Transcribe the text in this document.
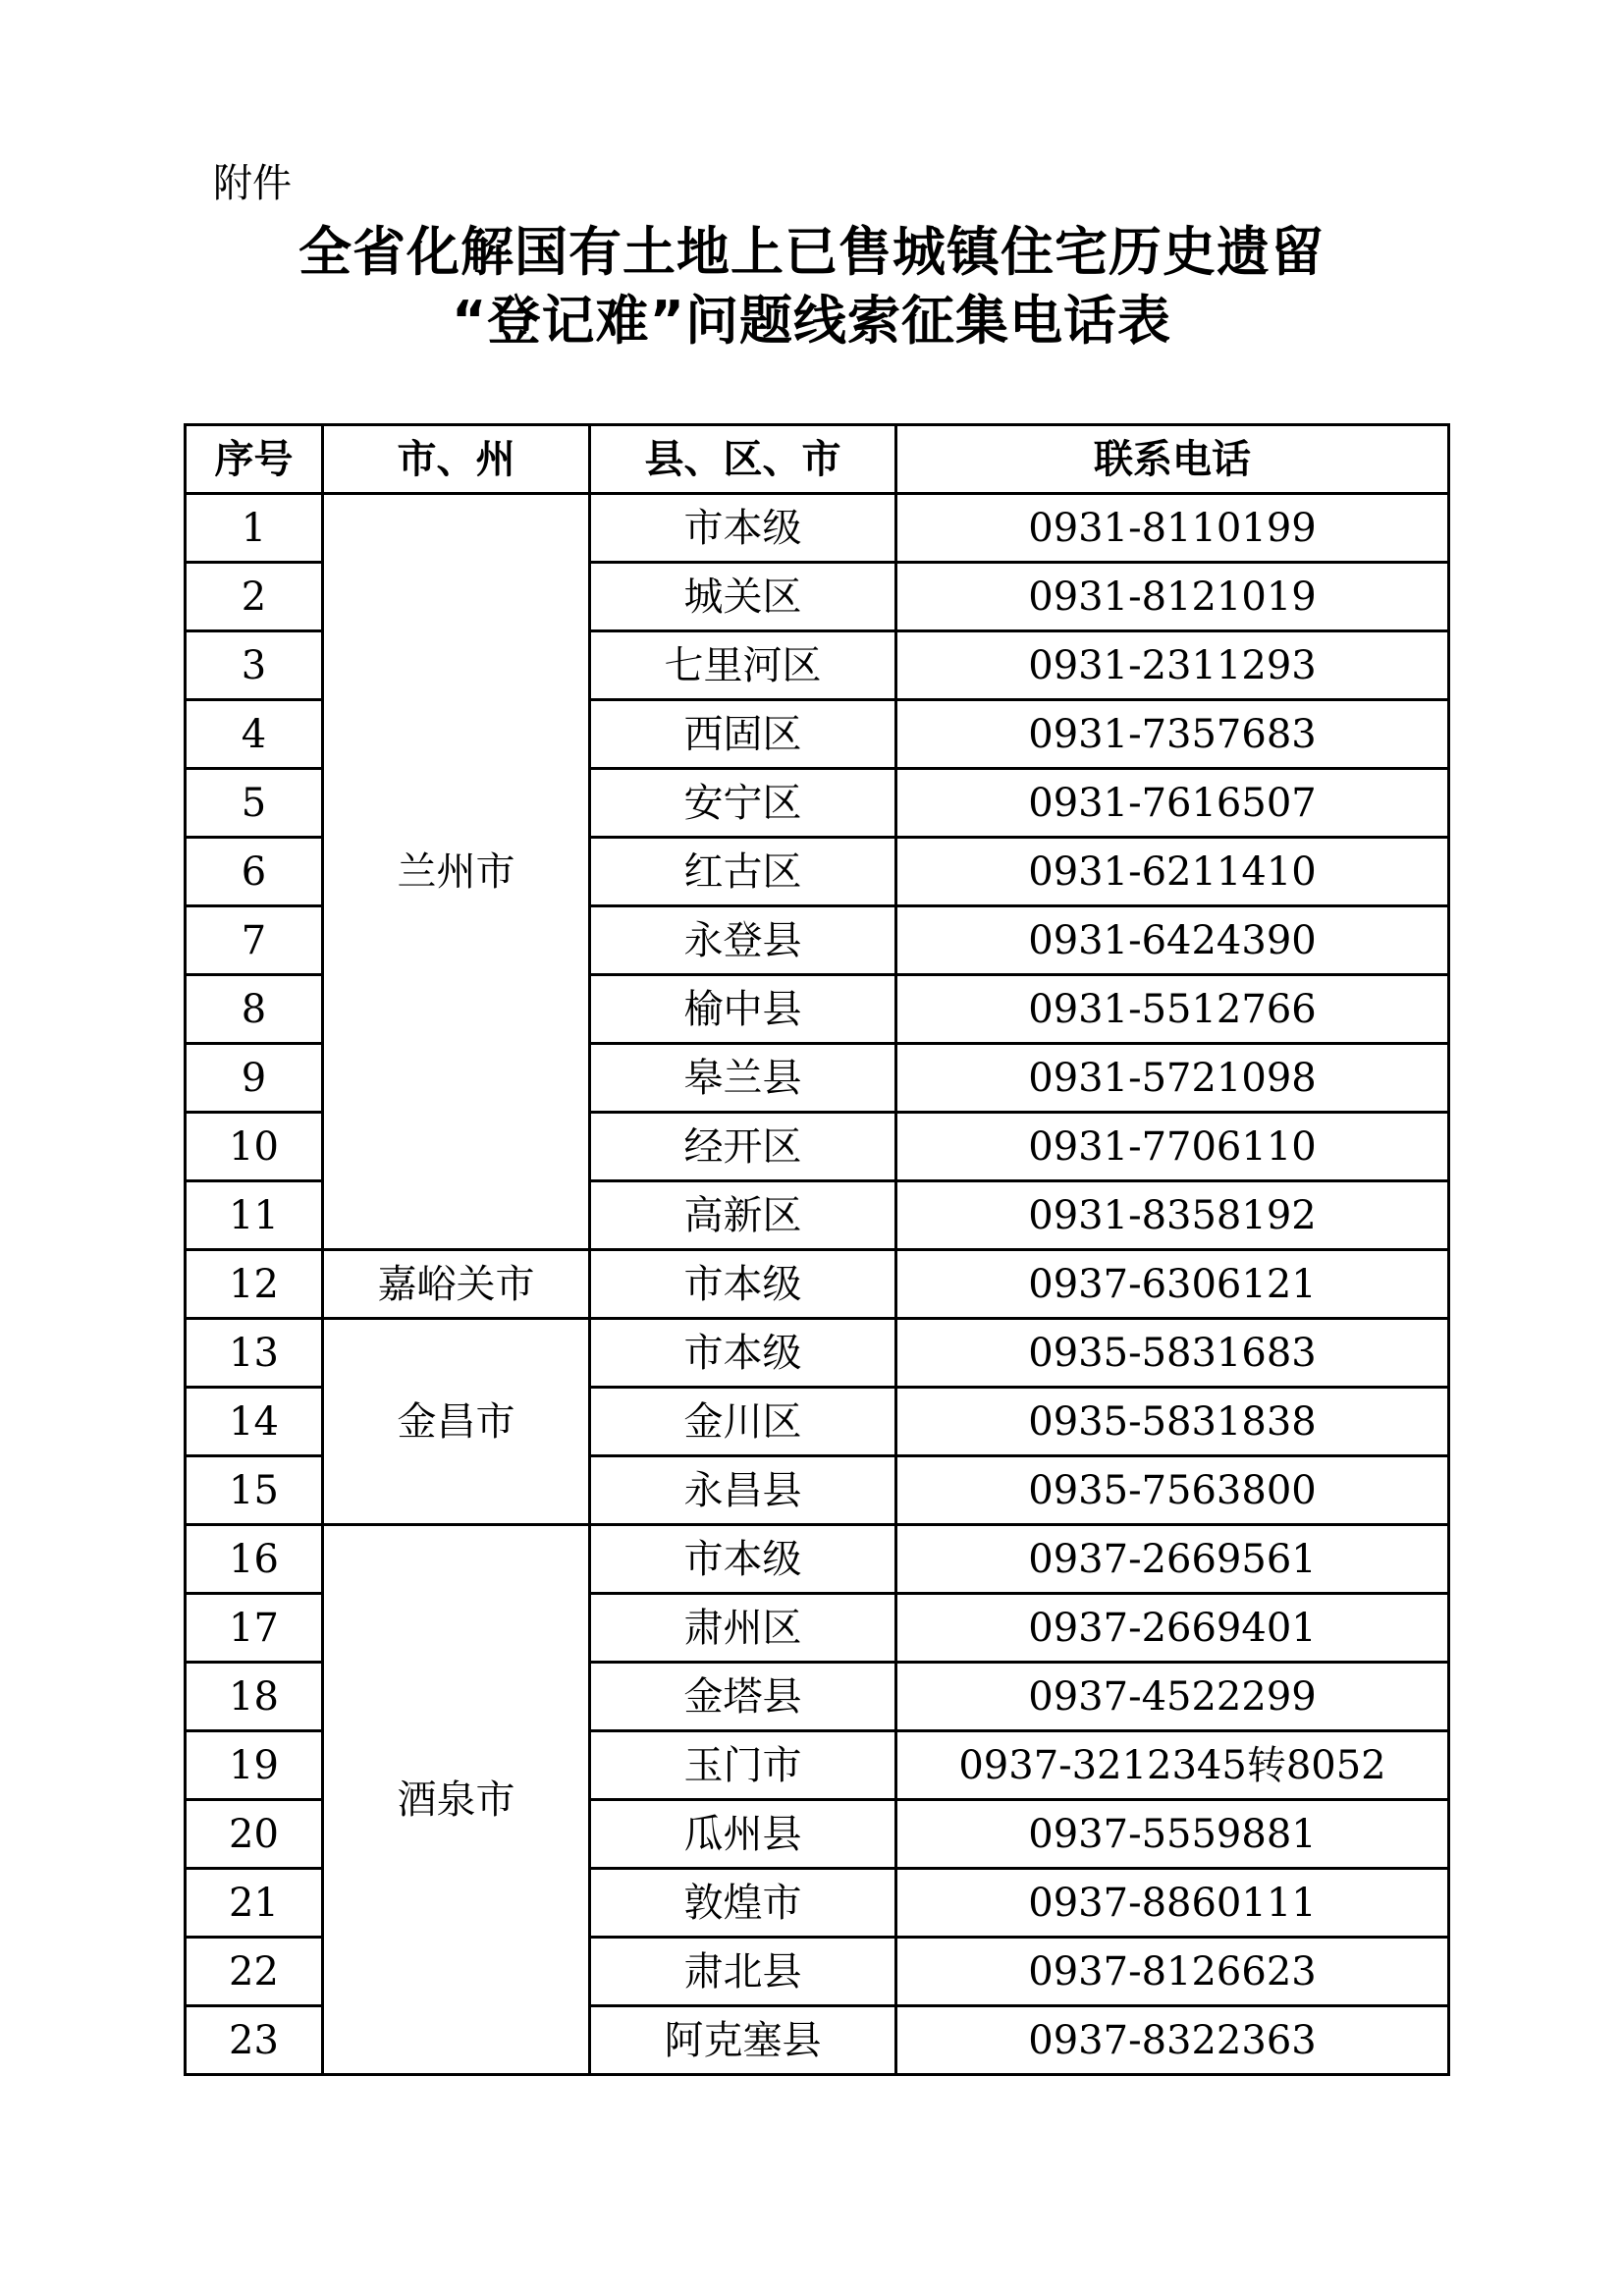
附件
全省化解国有土地上已售城镇住宅历史遗留
“登记难”问题线索征集电话表
序号	市、州	县、区、市	联系电话
1	兰州市	市本级	0931-8110199
2		城关区	0931-8121019
3		七里河区	0931-2311293
4		西固区	0931-7357683
5		安宁区	0931-7616507
6		红古区	0931-6211410
7		永登县	0931-6424390
8		榆中县	0931-5512766
9		皋兰县	0931-5721098
10		经开区	0931-7706110
11		高新区	0931-8358192
12	嘉峪关市	市本级	0937-6306121
13	金昌市	市本级	0935-5831683
14		金川区	0935-5831838
15		永昌县	0935-7563800
16	酒泉市	市本级	0937-2669561
17		肃州区	0937-2669401
18		金塔县	0937-4522299
19		玉门市	0937-3212345转8052
20		瓜州县	0937-5559881
21		敦煌市	0937-8860111
22		肃北县	0937-8126623
23		阿克塞县	0937-8322363
